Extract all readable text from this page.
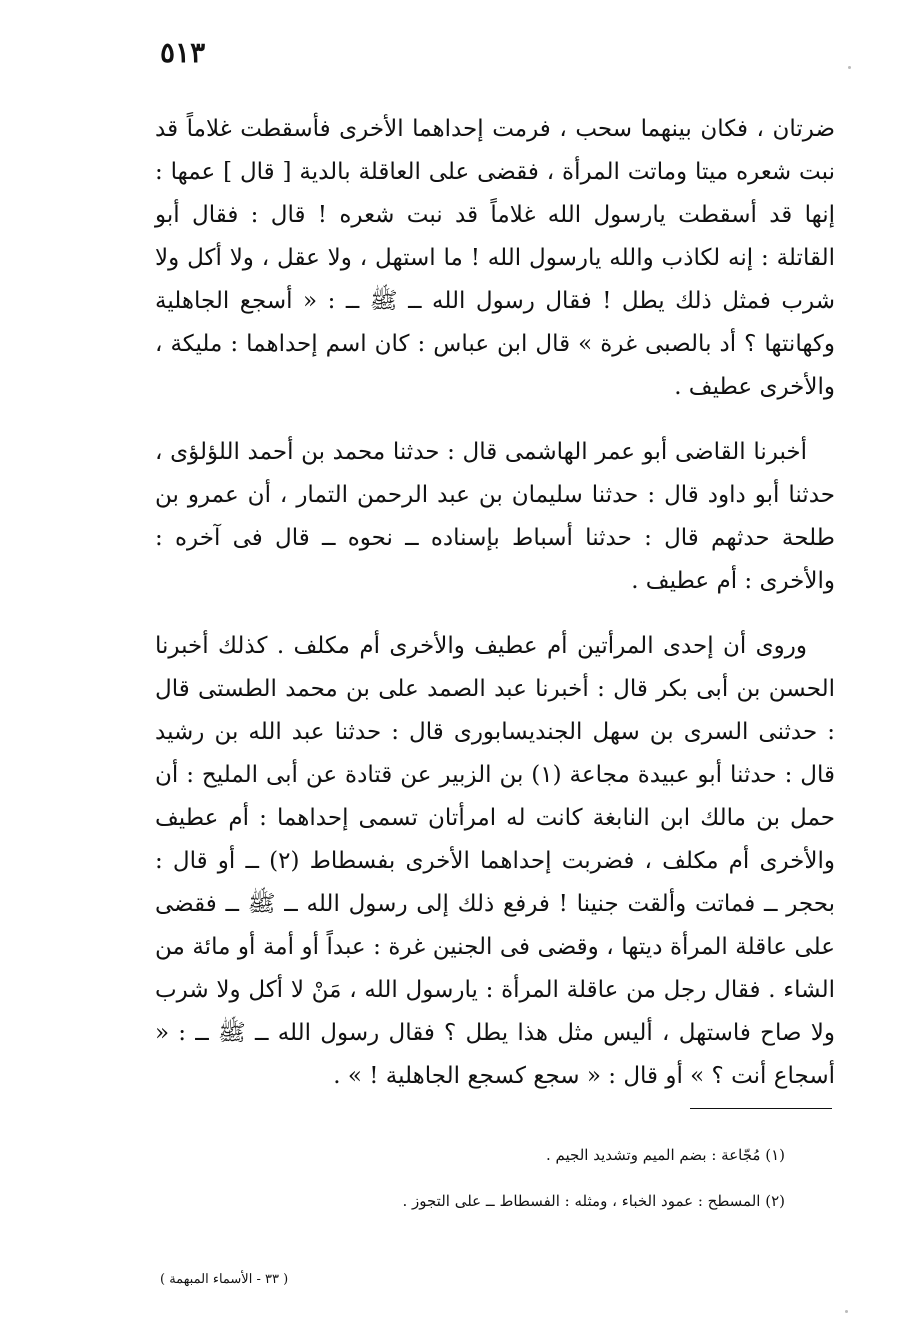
٥١٣

ضرتان ، فكان بينهما سحب ، فرمت إحداهما الأخرى فأسقطت غلاماً قد نبت شعره ميتا وماتت المرأة ، فقضى على العاقلة بالدية [ قال ] عمها : إنها قد أسقطت يارسول الله غلاماً قد نبت شعره ! قال : فقال أبو القاتلة : إنه لكاذب والله يارسول الله ! ما استهل ، ولا عقل ، ولا أكل ولا شرب فمثل ذلك يطل ! فقال رسول الله ــ ﷺ ــ : « أسجع الجاهلية وكهانتها ؟ أد بالصبى غرة » قال ابن عباس : كان اسم إحداهما : مليكة ، والأخرى عطيف .

أخبرنا القاضى أبو عمر الهاشمى قال : حدثنا محمد بن أحمد اللؤلؤى ، حدثنا أبو داود قال : حدثنا سليمان بن عبد الرحمن التمار ، أن عمرو بن طلحة حدثهم قال : حدثنا أسباط بإسناده ــ نحوه ــ قال فى آخره : والأخرى : أم عطيف .

وروى أن إحدى المرأتين أم عطيف والأخرى أم مكلف . كذلك أخبرنا الحسن بن أبى بكر قال : أخبرنا عبد الصمد على بن محمد الطستى قال : حدثنى السرى بن سهل الجنديسابورى قال : حدثنا عبد الله بن رشيد قال : حدثنا أبو عبيدة مجاعة (١) بن الزبير عن قتادة عن أبى المليح : أن حمل بن مالك ابن النابغة كانت له امرأتان تسمى إحداهما : أم عطيف والأخرى أم مكلف ، فضربت إحداهما الأخرى بفسطاط (٢) ــ أو قال : بحجر ــ فماتت وألقت جنينا ! فرفع ذلك إلى رسول الله ــ ﷺ ــ فقضى على عاقلة المرأة ديتها ، وقضى فى الجنين غرة : عبداً أو أمة أو مائة من الشاء . فقال رجل من عاقلة المرأة : يارسول الله ، مَنْ لا أكل ولا شرب ولا صاح فاستهل ، أليس مثل هذا يطل ؟ فقال رسول الله ــ ﷺ ــ : « أسجاع أنت ؟ » أو قال : « سجع كسجع الجاهلية ! » .

(١) مُجّاعة : بضم الميم وتشديد الجيم .

(٢) المسطح : عمود الخباء ، ومثله : الفسطاط ــ على التجوز .

( ٣٣ - الأسماء المبهمة )
